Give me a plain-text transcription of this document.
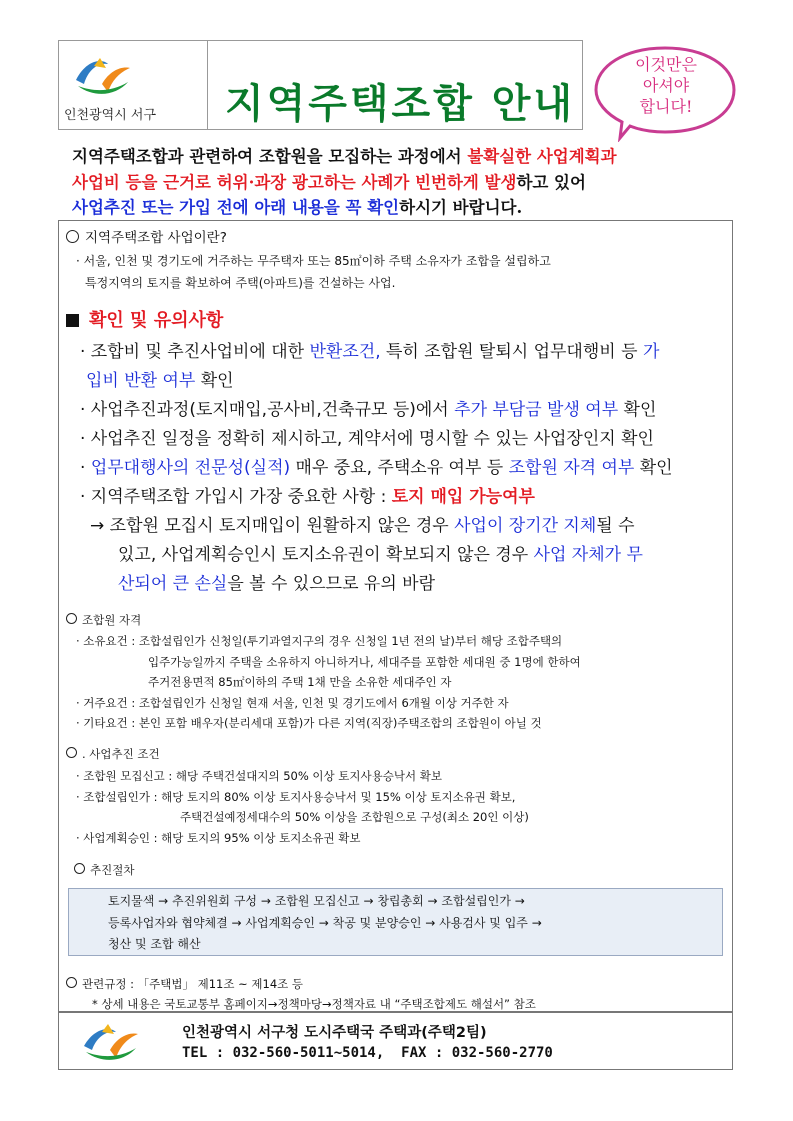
인천광역시 서구 지역주택조합 안내
이것만은
아셔야
합니다!
지역주택조합과 관련하여 조합원을 모집하는 과정에서 불확실한 사업계획과
사업비 등을 근거로 허위·과장 광고하는 사례가 빈번하게 발생하고 있어
사업추진 또는 가입 전에 아래 내용을 꼭 확인하시기 바랍니다.
지역주택조합 사업이란?
· 서울, 인천 및 경기도에 거주하는 무주택자 또는 85㎡이하 주택 소유자가 조합을 설립하고
특정지역의 토지를 확보하여 주택(아파트)를 건설하는 사업.
확인 및 유의사항
· 조합비 및 추진사업비에 대한 반환조건, 특히 조합원 탈퇴시 업무대행비 등 가
입비 반환 여부 확인
· 사업추진과정(토지매입,공사비,건축규모 등)에서 추가 부담금 발생 여부 확인
· 사업추진 일정을 정확히 제시하고, 계약서에 명시할 수 있는 사업장인지 확인
· 업무대행사의 전문성(실적) 매우 중요, 주택소유 여부 등 조합원 자격 여부 확인
· 지역주택조합 가입시 가장 중요한 사항 : 토지 매입 가능여부
→ 조합원 모집시 토지매입이 원활하지 않은 경우 사업이 장기간 지체될 수
있고, 사업계획승인시 토지소유권이 확보되지 않은 경우 사업 자체가 무
산되어 큰 손실을 볼 수 있으므로 유의 바람
조합원 자격
· 소유요건 : 조합설립인가 신청일(투기과열지구의 경우 신청일 1년 전의 날)부터 해당 조합주택의
입주가능일까지 주택을 소유하지 아니하거나, 세대주를 포함한 세대원 중 1명에 한하여
주거전용면적 85㎡이하의 주택 1채 만을 소유한 세대주인 자
· 거주요건 : 조합설립인가 신청일 현재 서울, 인천 및 경기도에서 6개월 이상 거주한 자
· 기타요건 : 본인 포함 배우자(분리세대 포함)가 다른 지역(직장)주택조합의 조합원이 아닐 것
. 사업추진 조건
· 조합원 모집신고 : 해당 주택건설대지의 50% 이상 토지사용승낙서 확보
· 조합설립인가 : 해당 토지의 80% 이상 토지사용승낙서 및 15% 이상 토지소유권 확보,
주택건설예정세대수의 50% 이상을 조합원으로 구성(최소 20인 이상)
· 사업계획승인 : 해당 토지의 95% 이상 토지소유권 확보
추진절차
토지물색 → 추진위원회 구성 → 조합원 모집신고 → 창립총회 → 조합설립인가 →
등록사업자와 협약체결 → 사업계획승인 → 착공 및 분양승인 → 사용검사 및 입주 →
청산 및 조합 해산
관련규정 : 「주택법」 제11조 ~ 제14조 등
* 상세 내용은 국토교통부 홈페이지→정책마당→정책자료 내 “주택조합제도 해설서” 참조
인천광역시 서구청 도시주택국 주택과(주택2팀)
TEL : 032-560-5011~5014,  FAX : 032-560-2770
